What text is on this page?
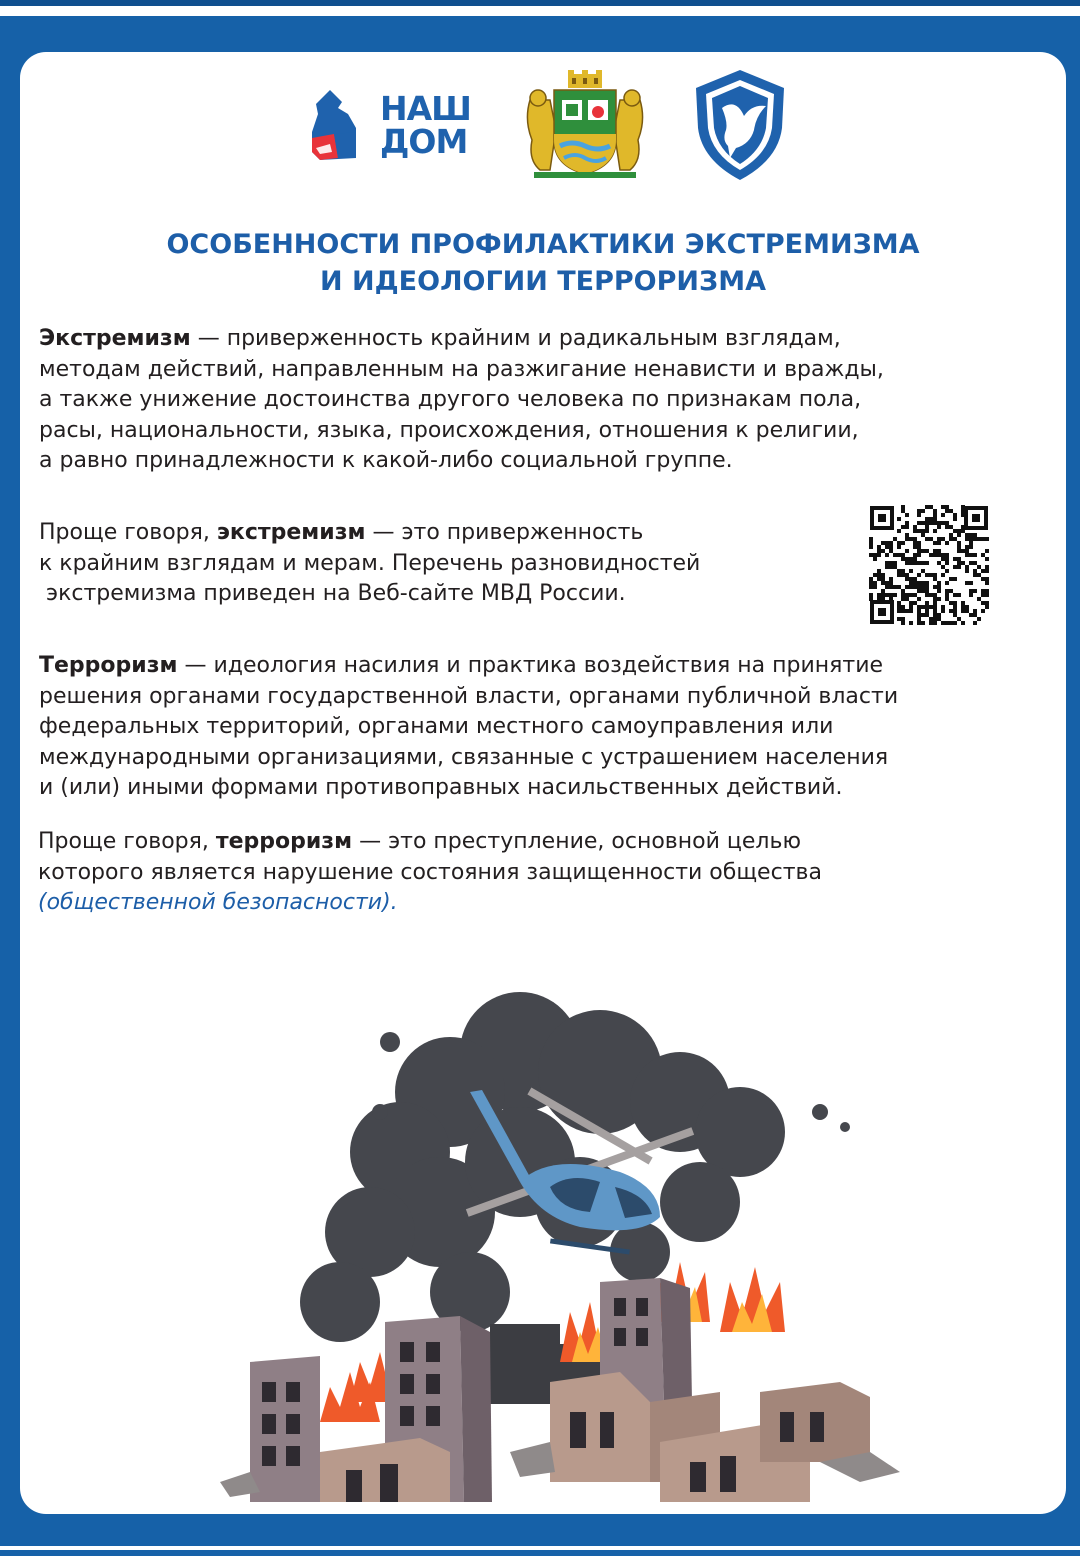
НАШ
ДОМ
ОСОБЕННОСТИ ПРОФИЛАКТИКИ ЭКСТРЕМИЗМА
И ИДЕОЛОГИИ ТЕРРОРИЗМА
Экстремизм — приверженность крайним и радикальным взглядам,
методам действий, направленным на разжигание ненависти и вражды,
а также унижение достоинства другого человека по признакам пола,
расы, национальности, языка, происхождения, отношения к религии,
а равно принадлежности к какой-либо социальной группе.
Проще говоря, экстремизм — это приверженность
к крайним взглядам и мерам. Перечень разновидностей
экстремизма приведен на Веб-сайте МВД России.
Терроризм — идеология насилия и практика воздействия на принятие
решения органами государственной власти, органами публичной власти
федеральных территорий, органами местного самоуправления или
международными организациями, связанные с устрашением населения
и (или) иными формами противоправных насильственных действий.
Проще говоря, терроризм — это преступление, основной целью
которого является нарушение состояния защищенности общества
(общественной безопасности).
